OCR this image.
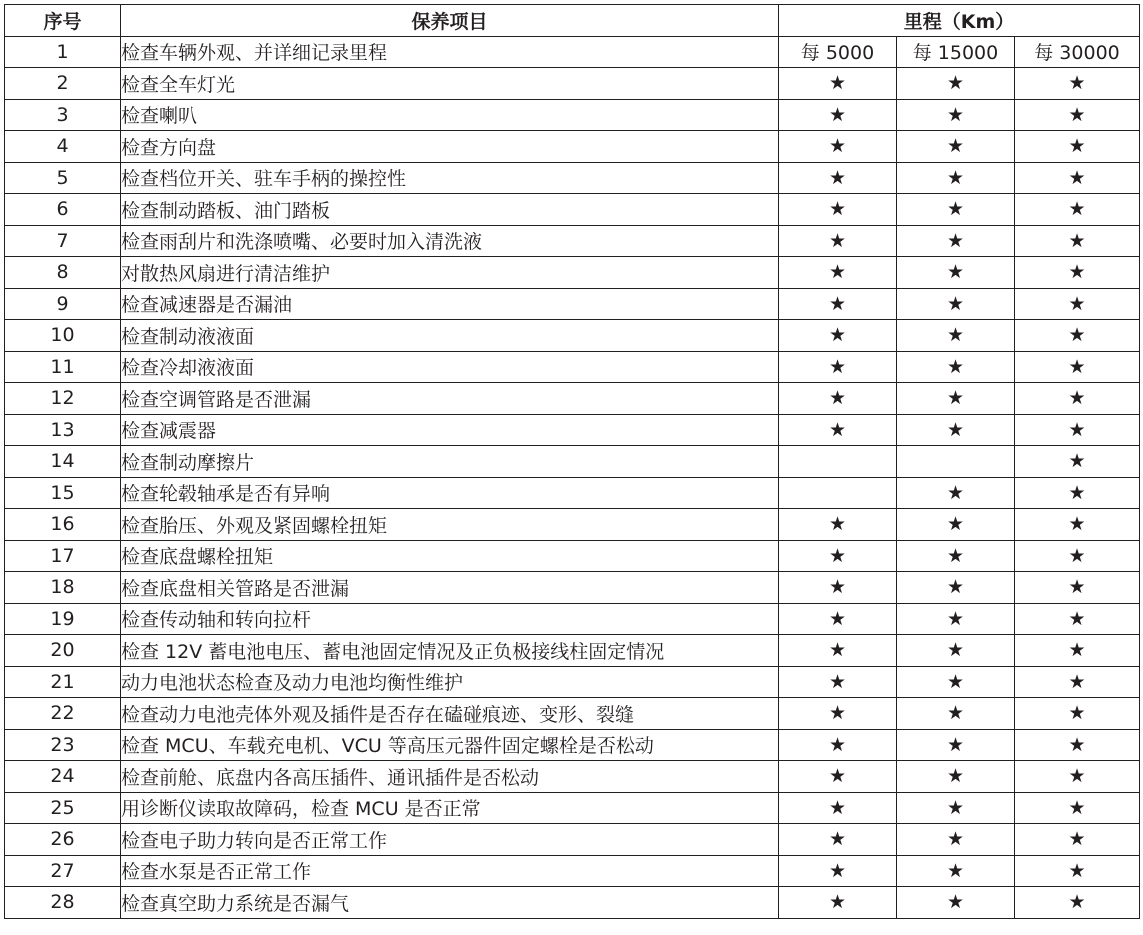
序号	保养项目	里程（Km）		
1	检查车辆外观、并详细记录里程	每 5000	每 15000	每 30000
2	检查全车灯光	★	★	★
3	检查喇叭	★	★	★
4	检查方向盘	★	★	★
5	检查档位开关、驻车手柄的操控性	★	★	★
6	检查制动踏板、油门踏板	★	★	★
7	检查雨刮片和洗涤喷嘴、必要时加入清洗液	★	★	★
8	对散热风扇进行清洁维护	★	★	★
9	检查减速器是否漏油	★	★	★
10	检查制动液液面	★	★	★
11	检查冷却液液面	★	★	★
12	检查空调管路是否泄漏	★	★	★
13	检查减震器	★	★	★
14	检查制动摩擦片			★
15	检查轮毂轴承是否有异响		★	★
16	检查胎压、外观及紧固螺栓扭矩	★	★	★
17	检查底盘螺栓扭矩	★	★	★
18	检查底盘相关管路是否泄漏	★	★	★
19	检查传动轴和转向拉杆	★	★	★
20	检查 12V 蓄电池电压、蓄电池固定情况及正负极接线柱固定情况	★	★	★
21	动力电池状态检查及动力电池均衡性维护	★	★	★
22	检查动力电池壳体外观及插件是否存在磕碰痕迹、变形、裂缝	★	★	★
23	检查 MCU、车载充电机、VCU 等高压元器件固定螺栓是否松动	★	★	★
24	检查前舱、底盘内各高压插件、通讯插件是否松动	★	★	★
25	用诊断仪读取故障码，检查 MCU 是否正常	★	★	★
26	检查电子助力转向是否正常工作	★	★	★
27	检查水泵是否正常工作	★	★	★
28	检查真空助力系统是否漏气	★	★	★
